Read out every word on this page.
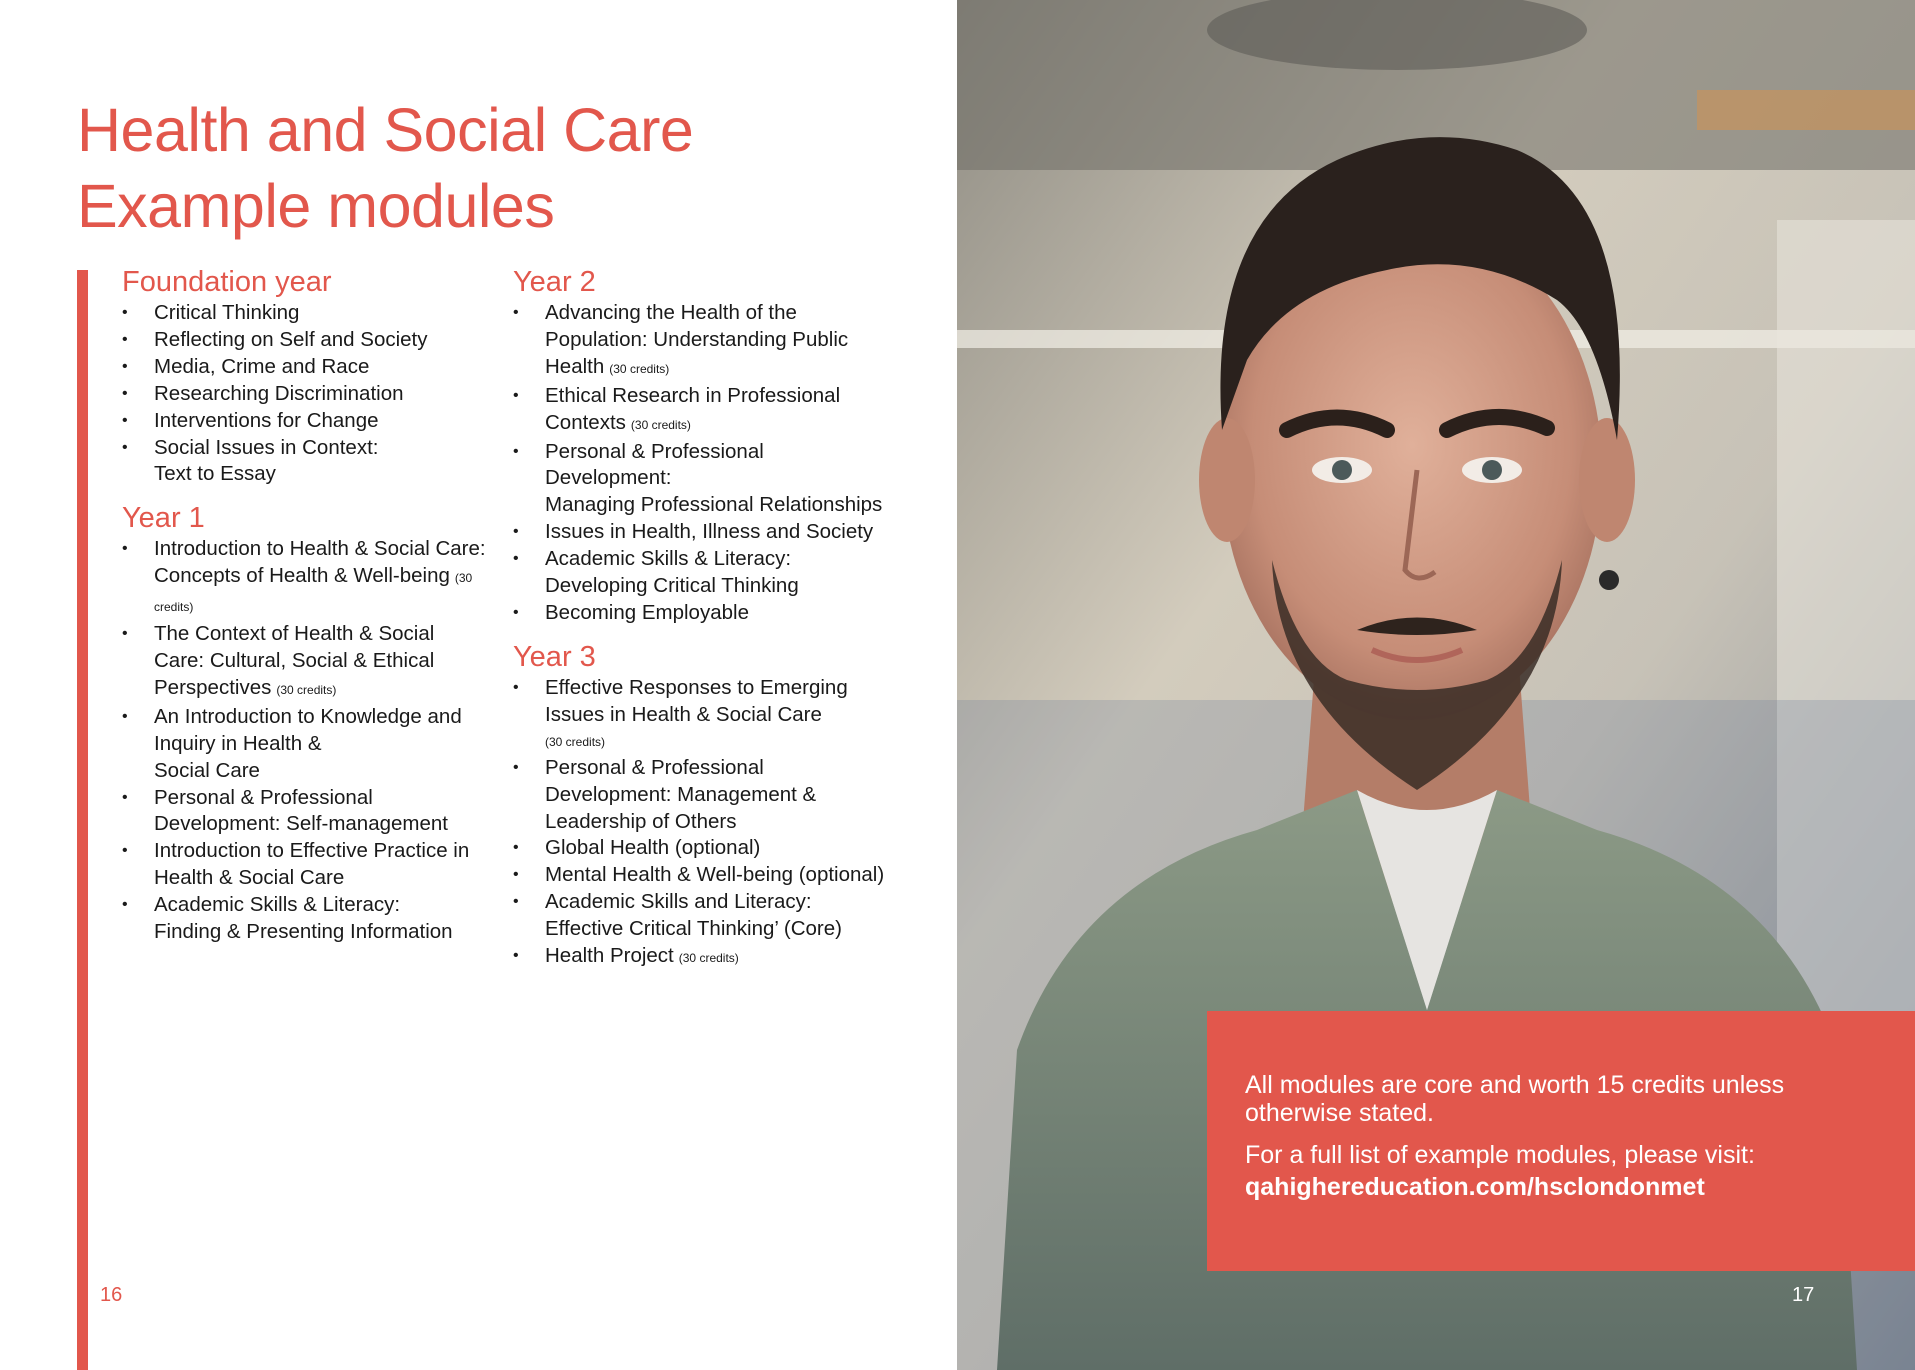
Health and Social Care
Example modules
Foundation year
• Critical Thinking
• Reflecting on Self and Society
• Media, Crime and Race
• Researching Discrimination
• Interventions for Change
• Social Issues in Context:
Text to Essay
Year 1
• Introduction to Health & Social Care: Concepts of Health & Well-being (30 credits)
• The Context of Health & Social Care: Cultural, Social & Ethical Perspectives (30 credits)
• An Introduction to Knowledge and Inquiry in Health &
Social Care
• Personal & Professional Development: Self-management
• Introduction to Effective Practice in Health & Social Care
• Academic Skills & Literacy:
Finding & Presenting Information
Year 2
• Advancing the Health of the Population: Understanding Public Health (30 credits)
• Ethical Research in Professional Contexts (30 credits)
• Personal & Professional Development:
Managing Professional Relationships
• Issues in Health, Illness and Society
• Academic Skills & Literacy:
Developing Critical Thinking
• Becoming Employable
Year 3
• Effective Responses to Emerging Issues in Health & Social Care
(30 credits)
• Personal & Professional Development: Management & Leadership of Others
• Global Health (optional)
• Mental Health & Well-being (optional)
• Academic Skills and Literacy:
Effective Critical Thinking’ (Core)
• Health Project (30 credits)
16

All modules are core and worth 15 credits unless otherwise stated.

For a full list of example modules, please visit:
qahighereducation.com/hsclondonmet

17
